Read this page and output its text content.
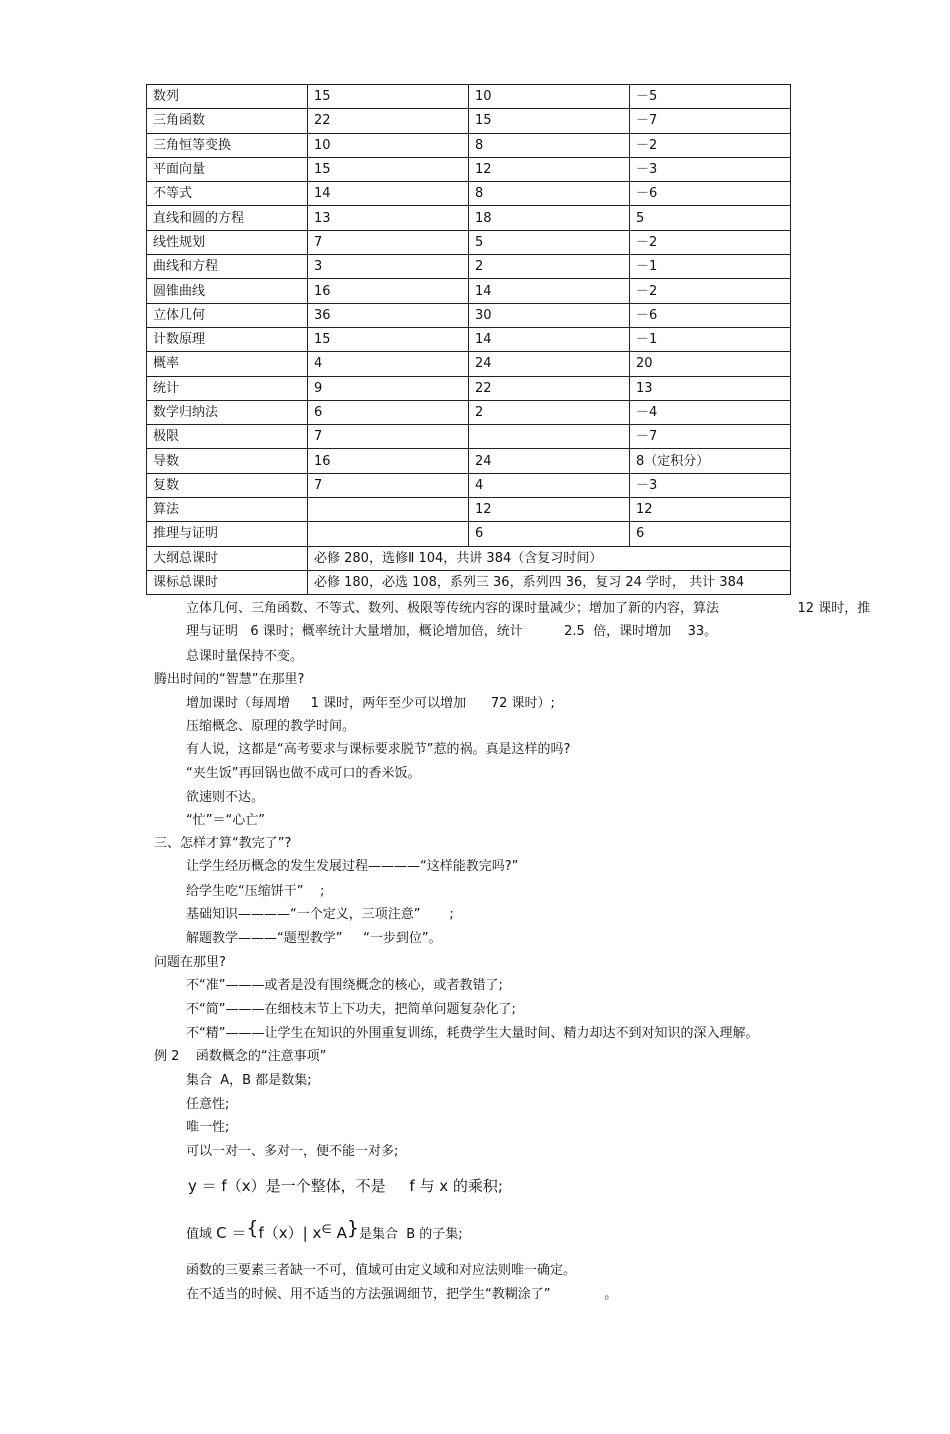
数列	15	10	－5
三角函数	22	15	－7
三角恒等变换	10	8	－2
平面向量	15	12	－3
不等式	14	8	－6
直线和圆的方程	13	18	5
线性规划	7	5	－2
曲线和方程	3	2	－1
圆锥曲线	16	14	－2
立体几何	36	30	－6
计数原理	15	14	－1
概率	4	24	20
统计	9	22	13
数学归纳法	6	2	－4
极限	7		－7
导数	16	24	8（定积分）
复数	7	4	－3
算法		12	12
推理与证明		6	6
大纲总课时	必修 280，选修Ⅱ 104，共讲 384（含复习时间）		
课标总课时	必修 180，必选 108，系列三 36，系列四 36，复习 24 学时， 共计 384		
立体几何、三角函数、不等式、数列、极限等传统内容的课时量减少；增加了新的内容，算法                   12 课时，推
理与证明   6 课时；概率统计大量增加，概论增加倍，统计          2.5  倍，课时增加    33。
总课时量保持不变。
腾出时间的“智慧”在那里?
增加课时（每周增     1 课时，两年至少可以增加      72 课时）;
压缩概念、原理的教学时间。
有人说，这都是“高考要求与课标要求脱节”惹的祸。真是这样的吗?
“夹生饭”再回锅也做不成可口的香米饭。
欲速则不达。
“忙”＝“心亡”
三、怎样才算“教完了”?
让学生经历概念的发生发展过程————“这样能教完吗?”
给学生吃“压缩饼干”    ;
基础知识————“一个定义，三项注意”       ;
解题教学———“题型教学”     “一步到位”。
问题在那里?
不“准”———或者是没有围绕概念的核心，或者教错了;
不“简”———在细枝末节上下功夫，把简单问题复杂化了;
不“精”———让学生在知识的外围重复训练，耗费学生大量时间、精力却达不到对知识的深入理解。
例 2    函数概念的“注意事项”
集合  A，B 都是数集;
任意性;
唯一性;
可以一对一、多对一，便不能一对多;
y ＝ f（x）是一个整体，不是     f 与 x 的乘积;
值域 C ＝{f（x）| x∈ A}是集合  B 的子集;
函数的三要素三者缺一不可，值域可由定义域和对应法则唯一确定。
在不适当的时候、用不适当的方法强调细节，把学生“教糊涂了”             。
